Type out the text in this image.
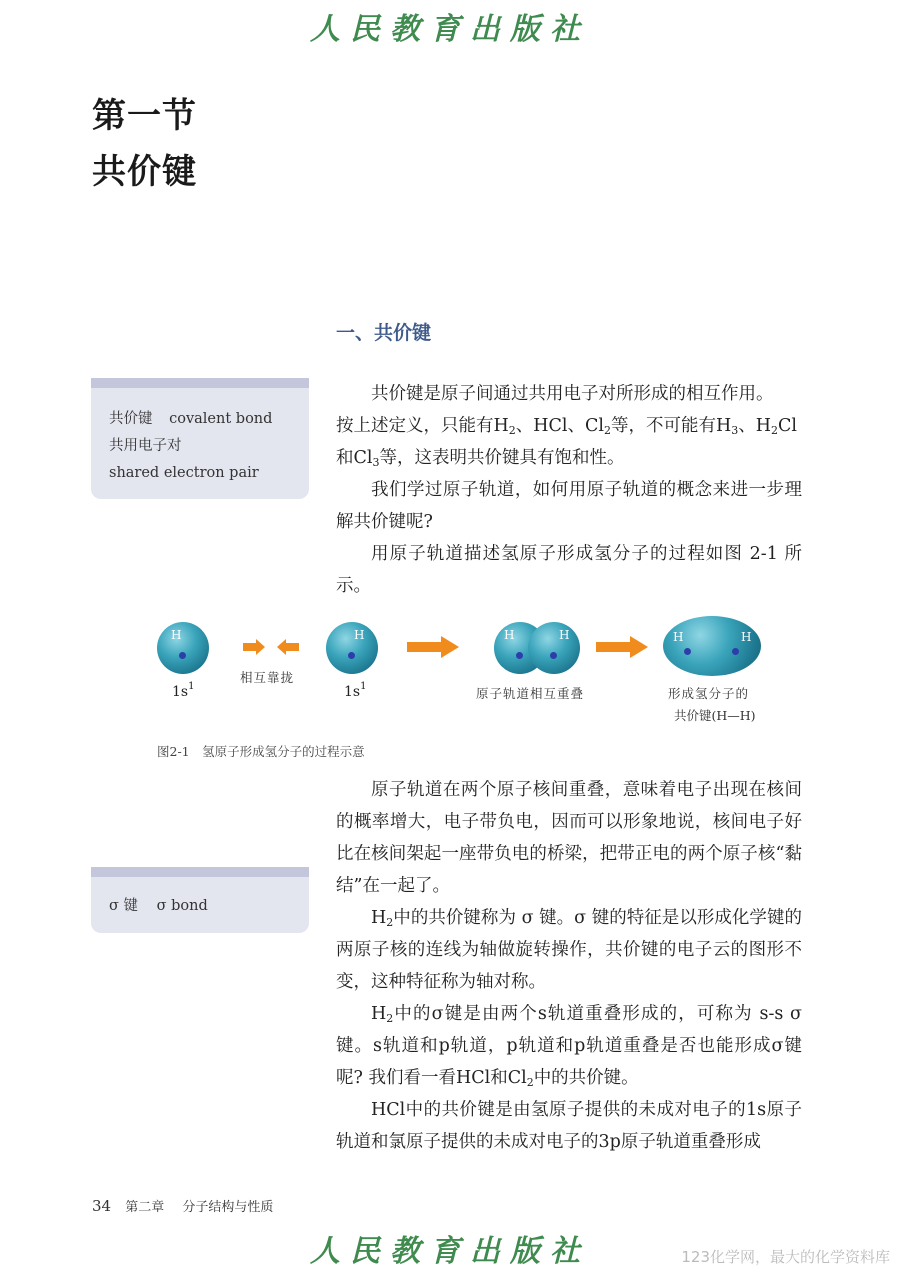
人民教育出版社
第一节
共价键
一、共价键
共价键 covalent bond
共用电子对
shared electron pair

共价键是原子间通过共用电子对所形成的相互作用。

按上述定义，只能有$H_2$、HCl、$Cl_2$等，不可能有$H_3$、$H_2Cl$
和$Cl_3$等，这表明共价键具有饱和性。

我们学过原子轨道，如何用原子轨道的概念来进一步理解共价键呢?

用原子轨道描述氢原子形成氢分子的过程如图 2-1 所示。

H
$1s^1$
相互靠拢
H
$1s^1$
H	H
原子轨道相互重叠
H	H
形成氢分子的
共价键(H—H)
图2-1　氢原子形成氢分子的过程示意
σ 键 σ bond

原子轨道在两个原子核间重叠，意味着电子出现在核间的概率增大，电子带负电，因而可以形象地说，核间电子好比在核间架起一座带负电的桥梁，把带正电的两个原子核“黏结”在一起了。

$H_2$中的共价键称为 σ 键。σ 键的特征是以形成化学键的两原子核的连线为轴做旋转操作，共价键的电子云的图形不变，这种特征称为轴对称。

$H_2$中的σ键是由两个s轨道重叠形成的，可称为 s-s σ 键。s轨道和p轨道，p轨道和p轨道重叠是否也能形成σ键呢? 我们看一看HCl和$Cl_2$中的共价键。

HCl中的共价键是由氢原子提供的未成对电子的1s原子轨道和氯原子提供的未成对电子的3p原子轨道重叠形成

34 第二章 分子结构与性质
人民教育出版社	123化学网，最大的化学资料库
